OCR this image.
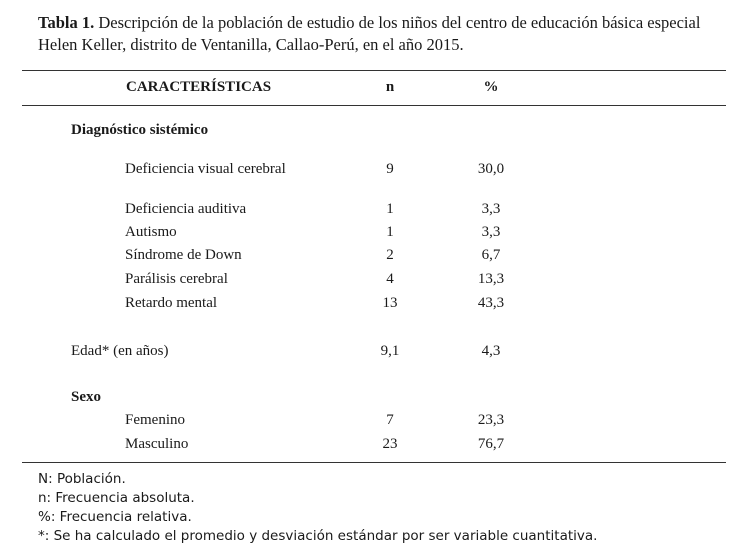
Tabla 1. Descripción de la población de estudio de los niños del centro de educación básica especial Helen Keller, distrito de Ventanilla, Callao-Perú, en el año 2015.
CARACTERÍSTICAS	n	%
Diagnóstico sistémico
Deficiencia visual cerebral	9	30,0
Deficiencia auditiva	1	3,3
Autismo	1	3,3
Síndrome de Down	2	6,7
Parálisis cerebral	4	13,3
Retardo mental	13	43,3
Edad* (en años)	9,1	4,3
Sexo
Femenino	7	23,3
Masculino	23	76,7
N: Población.
n: Frecuencia absoluta.
%: Frecuencia relativa.
*: Se ha calculado el promedio y desviación estándar por ser variable cuantitativa.
